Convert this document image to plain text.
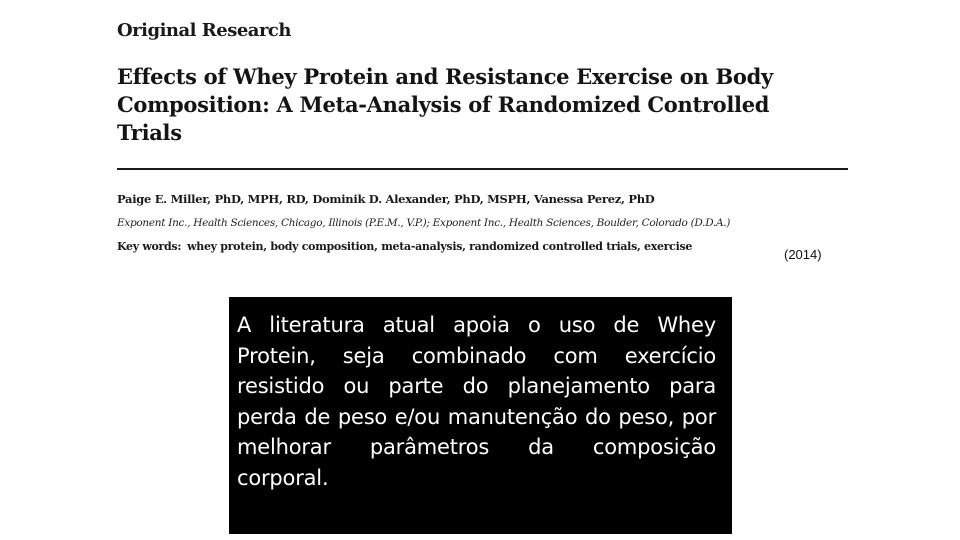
Original Research
Effects of Whey Protein and Resistance Exercise on Body Composition: A Meta-Analysis of Randomized Controlled Trials
Paige E. Miller, PhD, MPH, RD, Dominik D. Alexander, PhD, MSPH, Vanessa Perez, PhD
Exponent Inc., Health Sciences, Chicago, Illinois (P.E.M., V.P.); Exponent Inc., Health Sciences, Boulder, Colorado (D.D.A.)
Key words: whey protein, body composition, meta-analysis, randomized controlled trials, exercise
(2014)

A literatura atual apoia o uso de Whey Protein, seja combinado com exercício resistido ou parte do planejamento para perda de peso e/ou manutenção do peso, por melhorar parâmetros da composição corporal.
